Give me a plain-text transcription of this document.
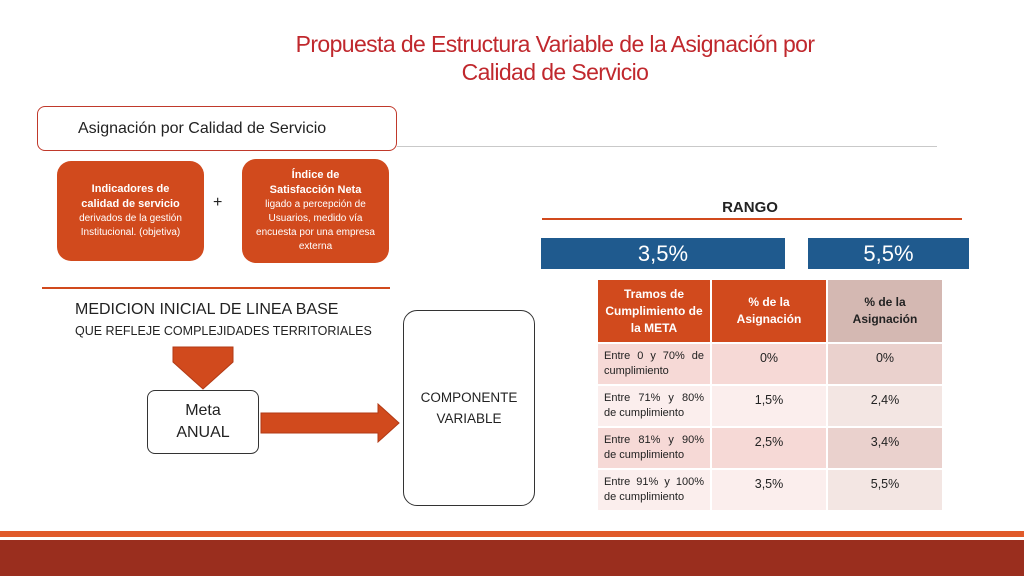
Propuesta de Estructura Variable de la Asignación por
Calidad de Servicio
Asignación por Calidad de Servicio
Indicadores de
calidad de servicio
derivados de la gestión Institucional. (objetiva)
+
Índice de
Satisfacción Neta
ligado a percepción de Usuarios, medido vía encuesta por una empresa externa
RANGO
3,5%	5,5%
MEDICION INICIAL DE LINEA BASE
QUE REFLEJE COMPLEJIDADES TERRITORIALES
Meta
ANUAL
COMPONENTE
VARIABLE
Tramos de Cumplimiento de la META	% de la Asignación	% de la Asignación
Entre 0 y 70% de cumplimiento	0%	0%
Entre 71% y 80% de cumplimiento	1,5%	2,4%
Entre 81% y 90% de cumplimiento	2,5%	3,4%
Entre 91% y 100% de cumplimiento	3,5%	5,5%
